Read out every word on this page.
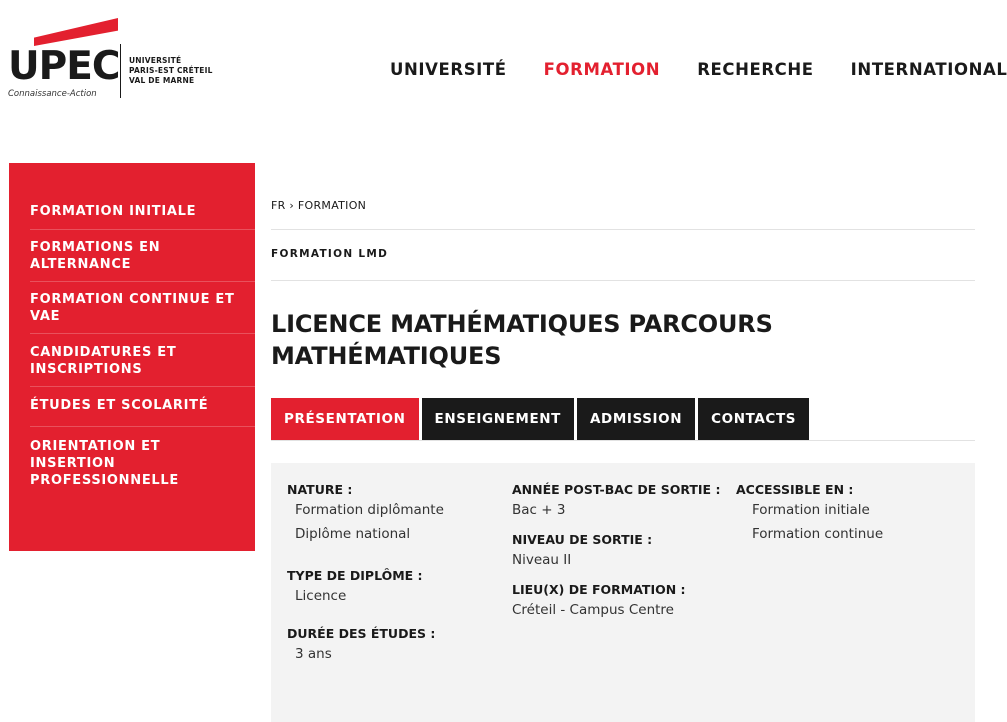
UPEC
Connaissance-Action
UNIVERSITÉ
PARIS-EST CRÉTEIL
VAL DE MARNE
UNIVERSITÉ FORMATION RECHERCHE INTERNATIONAL
FORMATION INITIALE
FORMATIONS EN ALTERNANCE
FORMATION CONTINUE ET VAE
CANDIDATURES ET INSCRIPTIONS
ÉTUDES ET SCOLARITÉ
ORIENTATION ET INSERTION PROFESSIONNELLE
FR › FORMATION
FORMATION LMD
LICENCE MATHÉMATIQUES PARCOURS MATHÉMATIQUES
PRÉSENTATION	ENSEIGNEMENT	ADMISSION	CONTACTS
NATURE :
Formation diplômante
Diplôme national
TYPE DE DIPLÔME :
Licence
DURÉE DES ÉTUDES :
3 ans
ANNÉE POST-BAC DE SORTIE :
Bac + 3
NIVEAU DE SORTIE :
Niveau II
LIEU(X) DE FORMATION :
Créteil - Campus Centre
ACCESSIBLE EN :
Formation initiale
Formation continue
